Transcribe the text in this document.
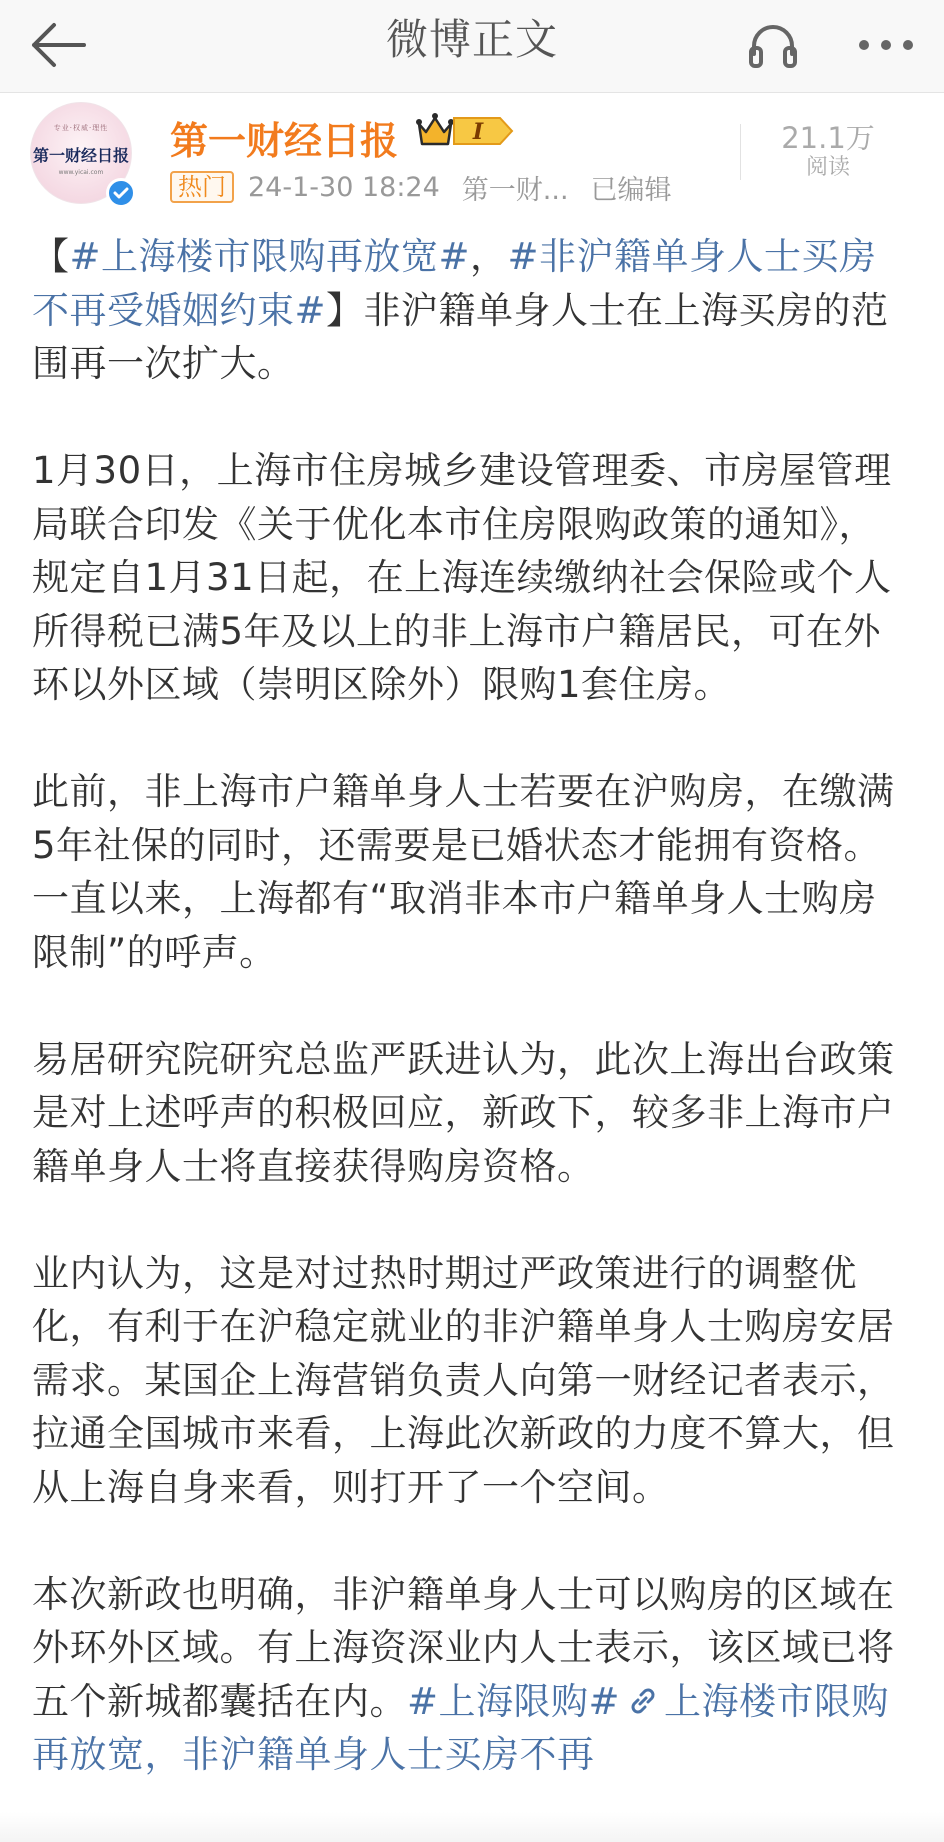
微博正文
专业·权威·理性
第一财经日报
www.yicai.com
第一财经日报	I
热门 24-1-30 18:24 第一财... 已编辑
21.1万
阅读

【#上海楼市限购再放宽#，#非沪籍单身人士买房不再受婚姻约束#】非沪籍单身人士在上海买房的范围再一次扩大。

1月30日，上海市住房城乡建设管理委、市房屋管理局联合印发《关于优化本市住房限购政策的通知》，规定自1月31日起，在上海连续缴纳社会保险或个人所得税已满5年及以上的非上海市户籍居民，可在外环以外区域（崇明区除外）限购1套住房。

此前，非上海市户籍单身人士若要在沪购房，在缴满5年社保的同时，还需要是已婚状态才能拥有资格。一直以来，上海都有“取消非本市户籍单身人士购房限制”的呼声。

易居研究院研究总监严跃进认为，此次上海出台政策是对上述呼声的积极回应，新政下，较多非上海市户籍单身人士将直接获得购房资格。

业内认为，这是对过热时期过严政策进行的调整优化，有利于在沪稳定就业的非沪籍单身人士购房安居需求。某国企上海营销负责人向第一财经记者表示，拉通全国城市来看，上海此次新政的力度不算大，但从上海自身来看，则打开了一个空间。

本次新政也明确，非沪籍单身人士可以购房的区域在外环外区域。有上海资深业内人士表示，该区域已将五个新城都囊括在内。#上海限购# 上海楼市限购再放宽，非沪籍单身人士买房不再
